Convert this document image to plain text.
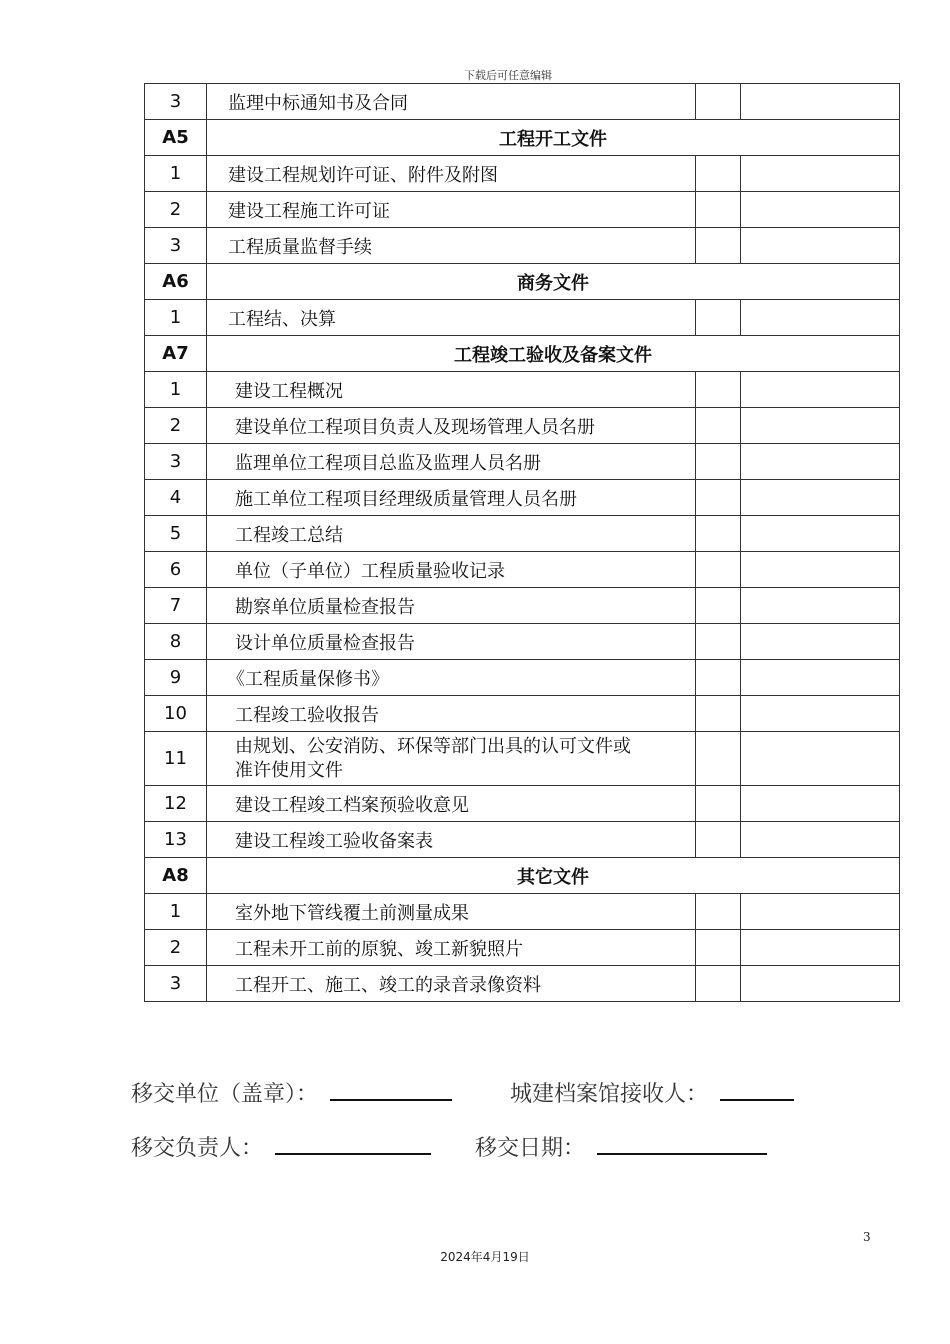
下载后可任意编辑
3	监理中标通知书及合同		
A5	工程开工文件		
1	建设工程规划许可证、附件及附图		
2	建设工程施工许可证		
3	工程质量监督手续		
A6	商务文件		
1	工程结、决算		
A7	工程竣工验收及备案文件		
1	建设工程概况		
2	建设单位工程项目负责人及现场管理人员名册		
3	监理单位工程项目总监及监理人员名册		
4	施工单位工程项目经理级质量管理人员名册		
5	工程竣工总结		
6	单位（子单位）工程质量验收记录		
7	勘察单位质量检查报告		
8	设计单位质量检查报告		
9	《工程质量保修书》		
10	工程竣工验收报告		
11	由规划、公安消防、环保等部门出具的认可文件或
准许使用文件		
12	建设工程竣工档案预验收意见		
13	建设工程竣工验收备案表		
A8	其它文件		
1	室外地下管线覆土前测量成果		
2	工程未开工前的原貌、竣工新貌照片		
3	工程开工、施工、竣工的录音录像资料		
移交单位（盖章）：	城建档案馆接收人：
移交负责人：	移交日期：
3
2024年4月19日
